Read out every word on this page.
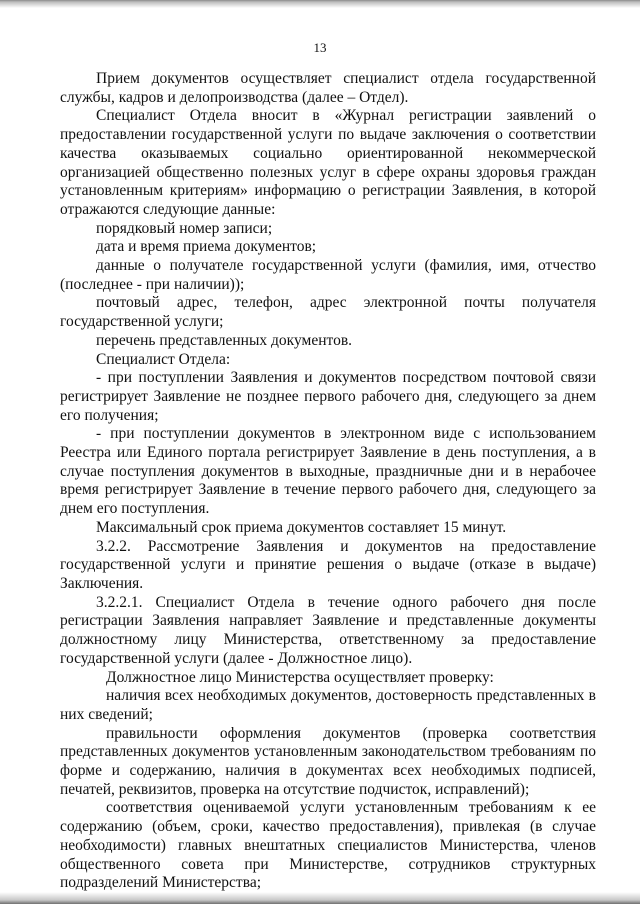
13

Прием документов осуществляет специалист отдела государственной службы, кадров и делопроизводства (далее – Отдел).

Специалист Отдела вносит в «Журнал регистрации заявлений о предоставлении государственной услуги по выдаче заключения о соответствии качества оказываемых социально ориентированной некоммерческой организацией общественно полезных услуг в сфере охраны здоровья граждан установленным критериям» информацию о регистрации Заявления, в которой отражаются следующие данные:

порядковый номер записи;

дата и время приема документов;

данные о получателе государственной услуги (фамилия, имя, отчество (последнее - при наличии));

почтовый адрес, телефон, адрес электронной почты получателя государственной услуги;

перечень представленных документов.

Специалист Отдела:

- при поступлении Заявления и документов посредством почтовой связи регистрирует Заявление не позднее первого рабочего дня, следующего за днем его получения;

- при поступлении документов в электронном виде с использованием Реестра или Единого портала регистрирует Заявление в день поступления, а в случае поступления документов в выходные, праздничные дни и в нерабочее время регистрирует Заявление в течение первого рабочего дня, следующего за днем его поступления.

Максимальный срок приема документов составляет 15 минут.

3.2.2. Рассмотрение Заявления и документов на предоставление государственной услуги и принятие решения о выдаче (отказе в выдаче) Заключения.

3.2.2.1. Специалист Отдела в течение одного рабочего дня после регистрации Заявления направляет Заявление и представленные документы должностному лицу Министерства, ответственному за предоставление государственной услуги (далее - Должностное лицо).

Должностное лицо Министерства осуществляет проверку:

наличия всех необходимых документов, достоверность представленных в них сведений;

правильности оформления документов (проверка соответствия представленных документов установленным законодательством требованиям по форме и содержанию, наличия в документах всех необходимых подписей, печатей, реквизитов, проверка на отсутствие подчисток, исправлений);

соответствия оцениваемой услуги установленным требованиям к ее содержанию (объем, сроки, качество предоставления), привлекая (в случае необходимости) главных внештатных специалистов Министерства, членов общественного совета при Министерстве, сотрудников структурных подразделений Министерства;
